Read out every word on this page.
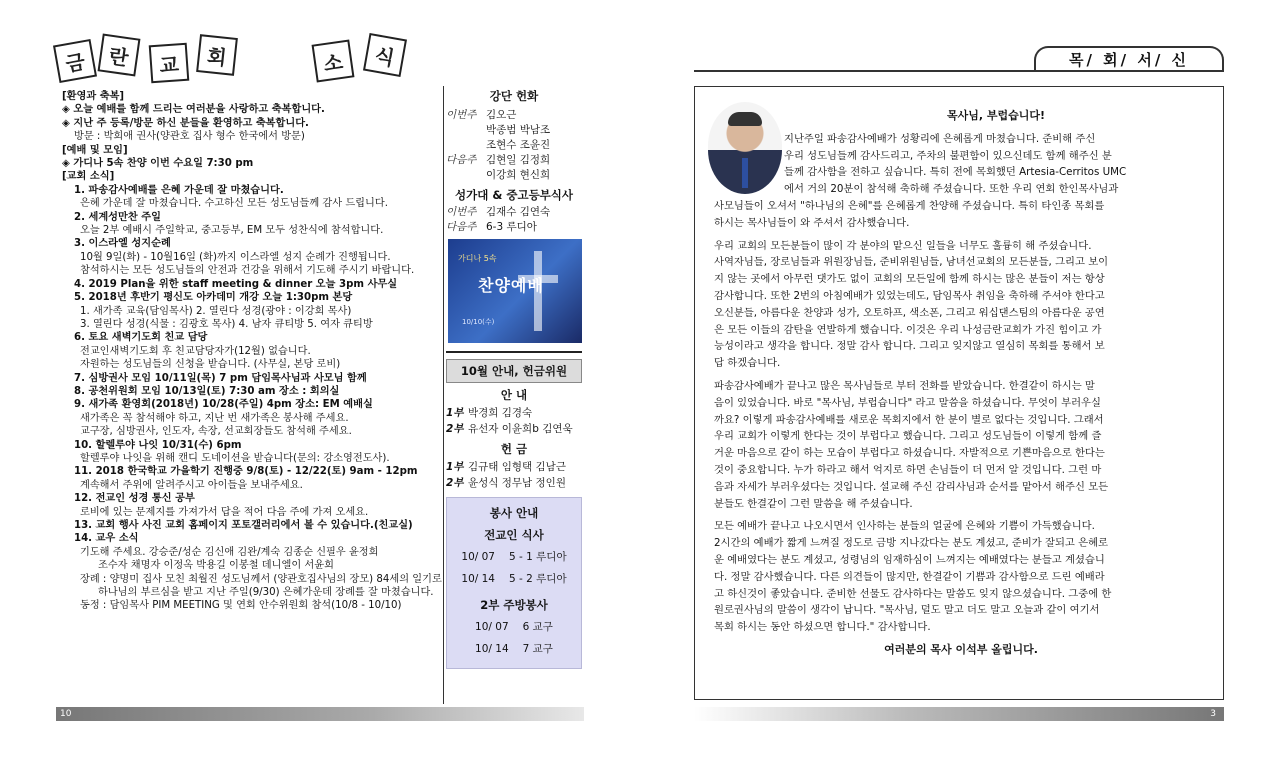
금	란	교	회	소	식
[환영과 축복]
◈ 오늘 예배를 함께 드리는 여러분을 사랑하고 축복합니다.
◈ 지난 주 등록/방문 하신 분들을 환영하고 축복합니다.
방문 : 박희애 권사(양관호 집사 형수 한국에서 방문)
[예배 및 모임]
◈ 가디나 5속 찬양 이번 수요일 7:30 pm
[교회 소식]
1. 파송감사예배를 은혜 가운데 잘 마쳤습니다.
은혜 가운데 잘 마쳤습니다. 수고하신 모든 성도님들께 감사 드립니다.
2. 세계성만찬 주일
오늘 2부 예배시 주일학교, 중고등부, EM 모두 성찬식에 참석합니다.
3. 이스라엘 성지순례
10월 9일(화) - 10월16일 (화)까지 이스라엘 성지 순례가 진행됩니다.
참석하시는 모든 성도님들의 안전과 건강을 위해서 기도해 주시기 바랍니다.
4. 2019 Plan을 위한 staff meeting & dinner 오늘 3pm 사무실
5. 2018년 후반기 평신도 아카데미 개강 오늘 1:30pm 본당
1. 새가족 교육(담임목사) 2. 열린다 성경(광야 : 이강희 목사)
3. 열린다 성경(식물 : 김광호 목사) 4. 남자 큐티방 5. 여자 큐티방
6. 토요 새벽기도회 친교 담당
전교인새벽기도회 후 친교담당자가(12월) 없습니다.
자원하는 성도님들의 신청을 받습니다. (사무실, 본당 로비)
7. 심방권사 모임 10/11일(목) 7 pm 담임목사님과 사모님 함께
8. 공천위원회 모임 10/13일(토) 7:30 am 장소 : 회의실
9. 새가족 환영회(2018년) 10/28(주일) 4pm 장소: EM 예배실
새가족은 꼭 참석해야 하고, 지난 번 새가족은 봉사해 주세요.
교구장, 심방권사, 인도자, 속장, 선교회장들도 참석해 주세요.
10. 할렐루야 나잇 10/31(수) 6pm
할렐루야 나잇을 위해 캔디 도네이션을 받습니다(문의: 강소영전도사).
11. 2018 한국학교 가을학기 진행중 9/8(토) - 12/22(토) 9am - 12pm
계속해서 주위에 알려주시고 아이들을 보내주세요.
12. 전교인 성경 통신 공부
로비에 있는 문제지를 가져가서 답을 적어 다음 주에 가져 오세요.
13. 교회 행사 사진 교회 홈페이지 포토갤러리에서 볼 수 있습니다.(친교실)
14. 교우 소식
기도해 주세요. 강승준/성순 김신애 김완/계숙 김종순 신필우 윤정희
조수자 채명자 이정옥 박용길 이봉철 데니엘이 서윤희
장례 : 양명미 집사 모친 최월진 성도님께서 (양관호집사님의 장모) 84세의 일기로
하나님의 부르심을 받고 지난 주일(9/30) 은혜가운데 장례를 잘 마쳤습니다.
동정 : 담임목사 PIM MEETING 및 연회 안수위원회 참석(10/8 - 10/10)
강단 헌화
이번주 김오근
박종범 박남조
조현수 조윤진
다음주 김현일 김정희
이강희 현신희
성가대 & 중고등부식사
이번주 김재수 김연숙
다음주 6-3 루디아
가디나 5속
찬양예배
10/10(수)
10월 안내, 헌금위원
안 내
1부 박경희 김경숙
2부 유선자 이윤희b 김연욱
헌 금
1부 김규태 임형택 김남근
2부 윤성식 정무남 정인원
봉사 안내
전교인 식사
10/ 07 5 - 1 루디아
10/ 14 5 - 2 루디아
2부 주방봉사
10/ 07 6 교구
10/ 14 7 교구
10
목/ 회/ 서/ 신
목사님, 부럽습니다!
지난주일 파송감사예배가 성황리에 은혜롭게 마쳤습니다. 준비해 주신
우리 성도님들께 감사드리고, 주차의 불편함이 있으신데도 함께 해주신 분
들께 감사함을 전하고 싶습니다. 특히 전에 목회했던 Artesia-Cerritos UMC
에서 거의 20분이 참석해 축하해 주셨습니다. 또한 우리 연회 한인목사님과
사모님들이 오셔서 "하나님의 은혜"를 은혜롭게 찬양해 주셨습니다. 특히 타인종 목회를
하시는 목사님들이 와 주셔서 감사했습니다.
우리 교회의 모든분들이 많이 각 분야의 맡으신 일들을 너무도 훌륭히 해 주셨습니다.
사역자님들, 장로님들과 위원장님들, 준비위원님들, 남녀선교회의 모든분들, 그리고 보이
지 않는 곳에서 아무런 댓가도 없이 교회의 모든일에 함께 하시는 많은 분들이 저는 항상
감사합니다. 또한 2번의 아침예배가 있었는데도, 담임목사 취임을 축하해 주셔야 한다고
오신분들, 아름다운 찬양과 성가, 오토하프, 색소폰, 그리고 워십댄스팀의 아름다운 공연
은 모든 이들의 감탄을 연발하게 했습니다. 이것은 우리 나성금란교회가 가진 힘이고 가
능성이라고 생각을 합니다. 정말 감사 합니다. 그리고 잊지않고 열심히 목회를 통해서 보
답 하겠습니다.
파송감사예배가 끝나고 많은 목사님들로 부터 전화를 받았습니다. 한결같이 하시는 말
음이 있었습니다. 바로 "목사님, 부럽습니다" 라고 말씀을 하셨습니다. 무엇이 부러우실
까요? 이렇게 파송감사예배를 새로운 목회지에서 한 분이 별로 없다는 것입니다. 그래서
우리 교회가 이렇게 한다는 것이 부럽다고 했습니다. 그리고 성도님들이 이렇게 함께 즐
거운 마음으로 같이 하는 모습이 부럽다고 하셨습니다. 자발적으로 기쁜마음으로 한다는
것이 중요합니다. 누가 하라고 해서 억지로 하면 손님들이 더 먼저 알 것입니다. 그런 마
음과 자세가 부러우셨다는 것입니다. 설교해 주신 감리사님과 순서를 맡아서 해주신 모든
분들도 한결같이 그런 말씀을 해 주셨습니다.
모든 예배가 끝나고 나오시면서 인사하는 분들의 얼굴에 은혜와 기쁨이 가득했습니다.
2시간의 예배가 짧게 느껴질 정도로 금방 지나갔다는 분도 계셨고, 준비가 잘되고 은혜로
운 예배였다는 분도 계셨고, 성령님의 임재하심이 느껴지는 예배였다는 분들고 계셨습니
다. 정말 감사했습니다. 다른 의견들이 많지만, 한결같이 기쁨과 감사함으로 드린 예배라
고 하신것이 좋았습니다. 준비한 선물도 감사하다는 말씀도 잊지 않으셨습니다. 그중에 한
원로권사님의 말씀이 생각이 납니다. "목사님, 덜도 말고 더도 말고 오늘과 같이 여기서
목회 하시는 동안 하셨으면 합니다." 감사합니다.
여러분의 목사 이석부 올립니다.
3
